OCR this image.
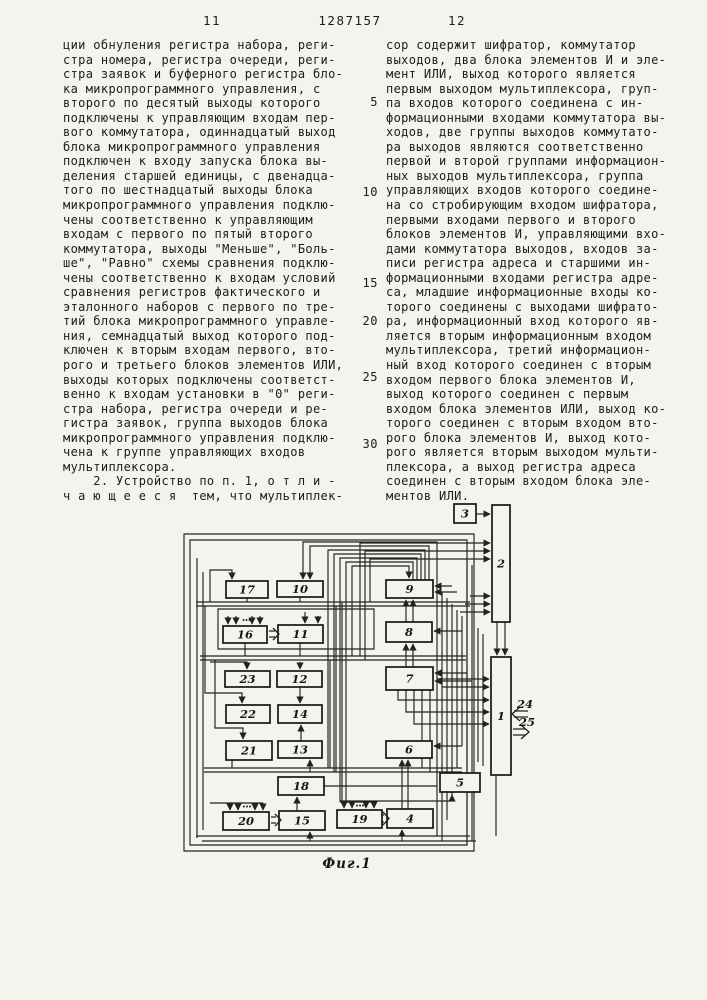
11	1287157	12
ции обнуления регистра набора, реги-
стра номера, регистра очереди, реги-
стра заявок и буферного регистра бло-
ка микропрограммного управления, с
второго по десятый выходы которого
подключены к управляющим входам пер-
вого коммутатора, одиннадцатый выход
блока микропрограммного управления
подключен к входу запуска блока вы-
деления старшей единицы, с двенадца-
того по шестнадцатый выходы блока
микропрограммного управления подклю-
чены соответственно к управляющим
входам с первого по пятый второго
коммутатора, выходы "Меньше", "Боль-
ше", "Равно" схемы сравнения подклю-
чены соответственно к входам условий
сравнения регистров фактического и
эталонного наборов с первого по тре-
тий блока микропрограммного управле-
ния, семнадцатый выход которого под-
ключен к вторым входам первого, вто-
рого и третьего блоков элементов ИЛИ,
выходы которых подключены соответст-
венно к входам установки в "0" реги-
стра набора, регистра очереди и ре-
гистра заявок, группа выходов блока
микропрограммного управления подклю-
чена к группе управляющих входов
мультиплексора.
2. Устройство по п. 1, о т л и -
ч а ю щ е е с я  тем, что мультиплек-
сор содержит шифратор, коммутатор
выходов, два блока элементов И и эле-
мент ИЛИ, выход которого является
первым выходом мультиплексора, груп-
па входов которого соединена с ин-
формационными входами коммутатора вы-
ходов, две группы выходов коммутато-
ра выходов являются соответственно
первой и второй группами информацион-
ных выходов мультиплексора, группа
управляющих входов которого соедине-
на со стробирующим входом шифратора,
первыми входами первого и второго
блоков элементов И, управляющими вхо-
дами коммутатора выходов, входов за-
писи регистра адреса и старшими ин-
формационными входами регистра адре-
са, младшие информационные входы ко-
торого соединены с выходами шифрато-
ра, информационный вход которого яв-
ляется вторым информационным входом
мультиплексора, третий информацион-
ный вход которого соединен с вторым
входом первого блока элементов И,
выход которого соединен с первым
входом блока элементов ИЛИ, выход ко-
торого соединен с вторым входом вто-
рого блока элементов И, выход кото-
рого является вторым выходом мульти-
плексора, а выход регистра адреса
соединен с вторым входом блока эле-
ментов ИЛИ.
5
10
15
20
25
30
3
2
1
17	10	9
16	11	8
23	12	7
22	14
21	13	6
18	5
20	15	19	4
24
25
Фиг.1
